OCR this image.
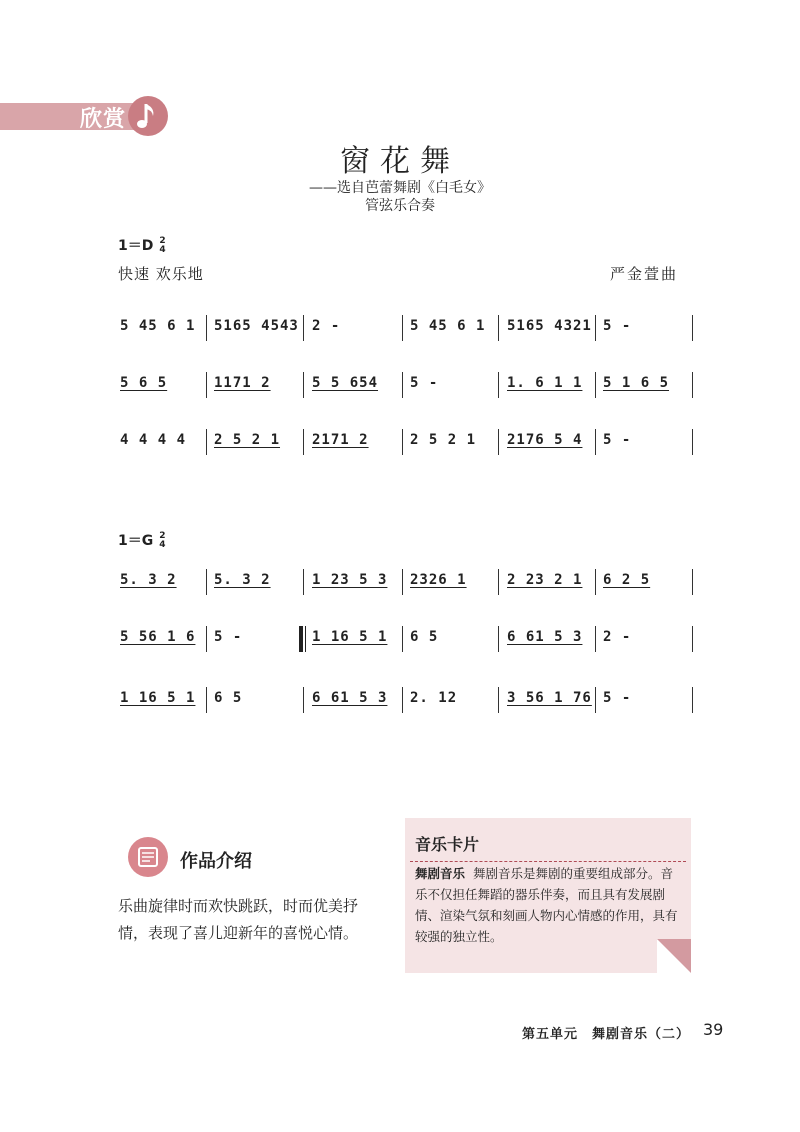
欣赏
窗花舞
——选自芭蕾舞剧《白毛女》
管弦乐合奏
1＝D 2
4
快速 欢乐地	严金萱曲
5 45 6 1 5165 4543 2 -	5 45 6 1 5165 4321 5 -
5 6 5	1171 2	5 5 654 5 -	1. 6 1 1 5 1 6 5
4 4 4 4 2 5 2 1 2171 2	2 5 2 1 2176 5 4 5 -
1＝G 2
4
5. 3 2	5. 3 2	1 23 5 3 2326 1	2 23 2 1 6 2 5
5 56 1 6 5 -	1 16 5 1 6 5	6 61 5 3 2 -
1 16 5 1 6 5	6 61 5 3 2. 12	3 56 1 76 5 -
作品介绍
乐曲旋律时而欢快跳跃，时而优美抒情，表现了喜儿迎新年的喜悦心情。
音乐卡片
舞剧音乐 舞剧音乐是舞剧的重要组成部分。音乐不仅担任舞蹈的器乐伴奏，而且具有发展剧情、渲染气氛和刻画人物内心情感的作用，具有较强的独立性。
第五单元　舞剧音乐（二） 39
